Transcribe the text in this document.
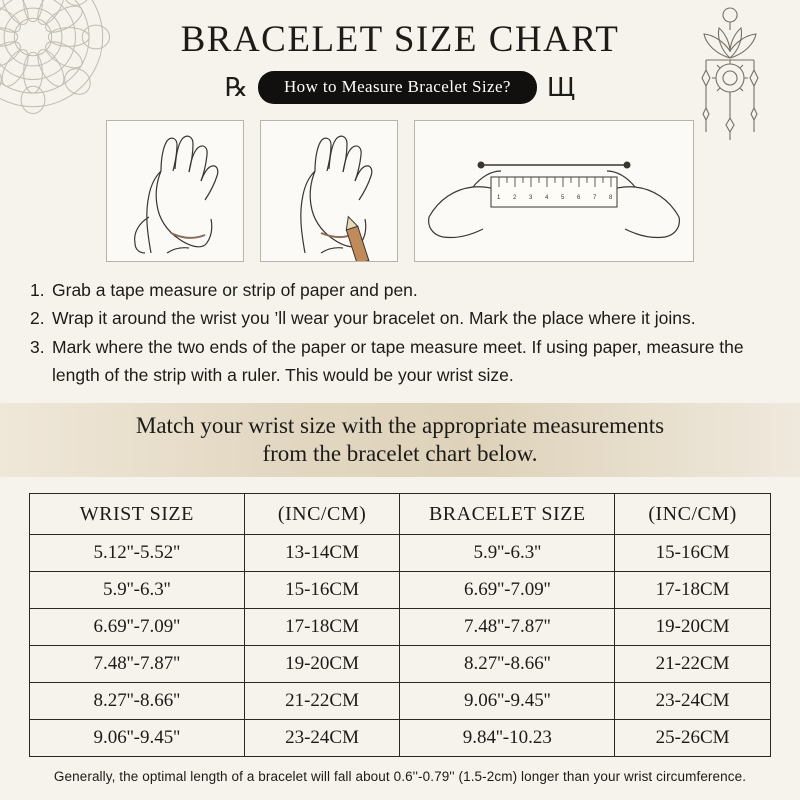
BRACELET SIZE CHART
℞	How to Measure Bracelet Size?	Щ
1 2 3 4 5 6 7 8
1. Grab a tape measure or strip of paper and pen.
2. Wrap it around the wrist you ’ll wear your bracelet on. Mark the place where it joins.
3. Mark where the two ends of the paper or tape measure meet. If using paper, measure the length of the strip with a ruler. This would be your wrist size.
Match your wrist size with the appropriate measurements
from the bracelet chart below.
WRIST SIZE	(INC/CM)	BRACELET SIZE	(INC/CM)
5.12''-5.52''	13-14CM	5.9''-6.3''	15-16CM
5.9''-6.3''	15-16CM	6.69''-7.09''	17-18CM
6.69''-7.09''	17-18CM	7.48''-7.87''	19-20CM
7.48''-7.87''	19-20CM	8.27''-8.66''	21-22CM
8.27''-8.66''	21-22CM	9.06''-9.45''	23-24CM
9.06''-9.45''	23-24CM	9.84''-10.23	25-26CM
Generally, the optimal length of a bracelet will fall about 0.6''-0.79'' (1.5-2cm) longer than your wrist circumference.
